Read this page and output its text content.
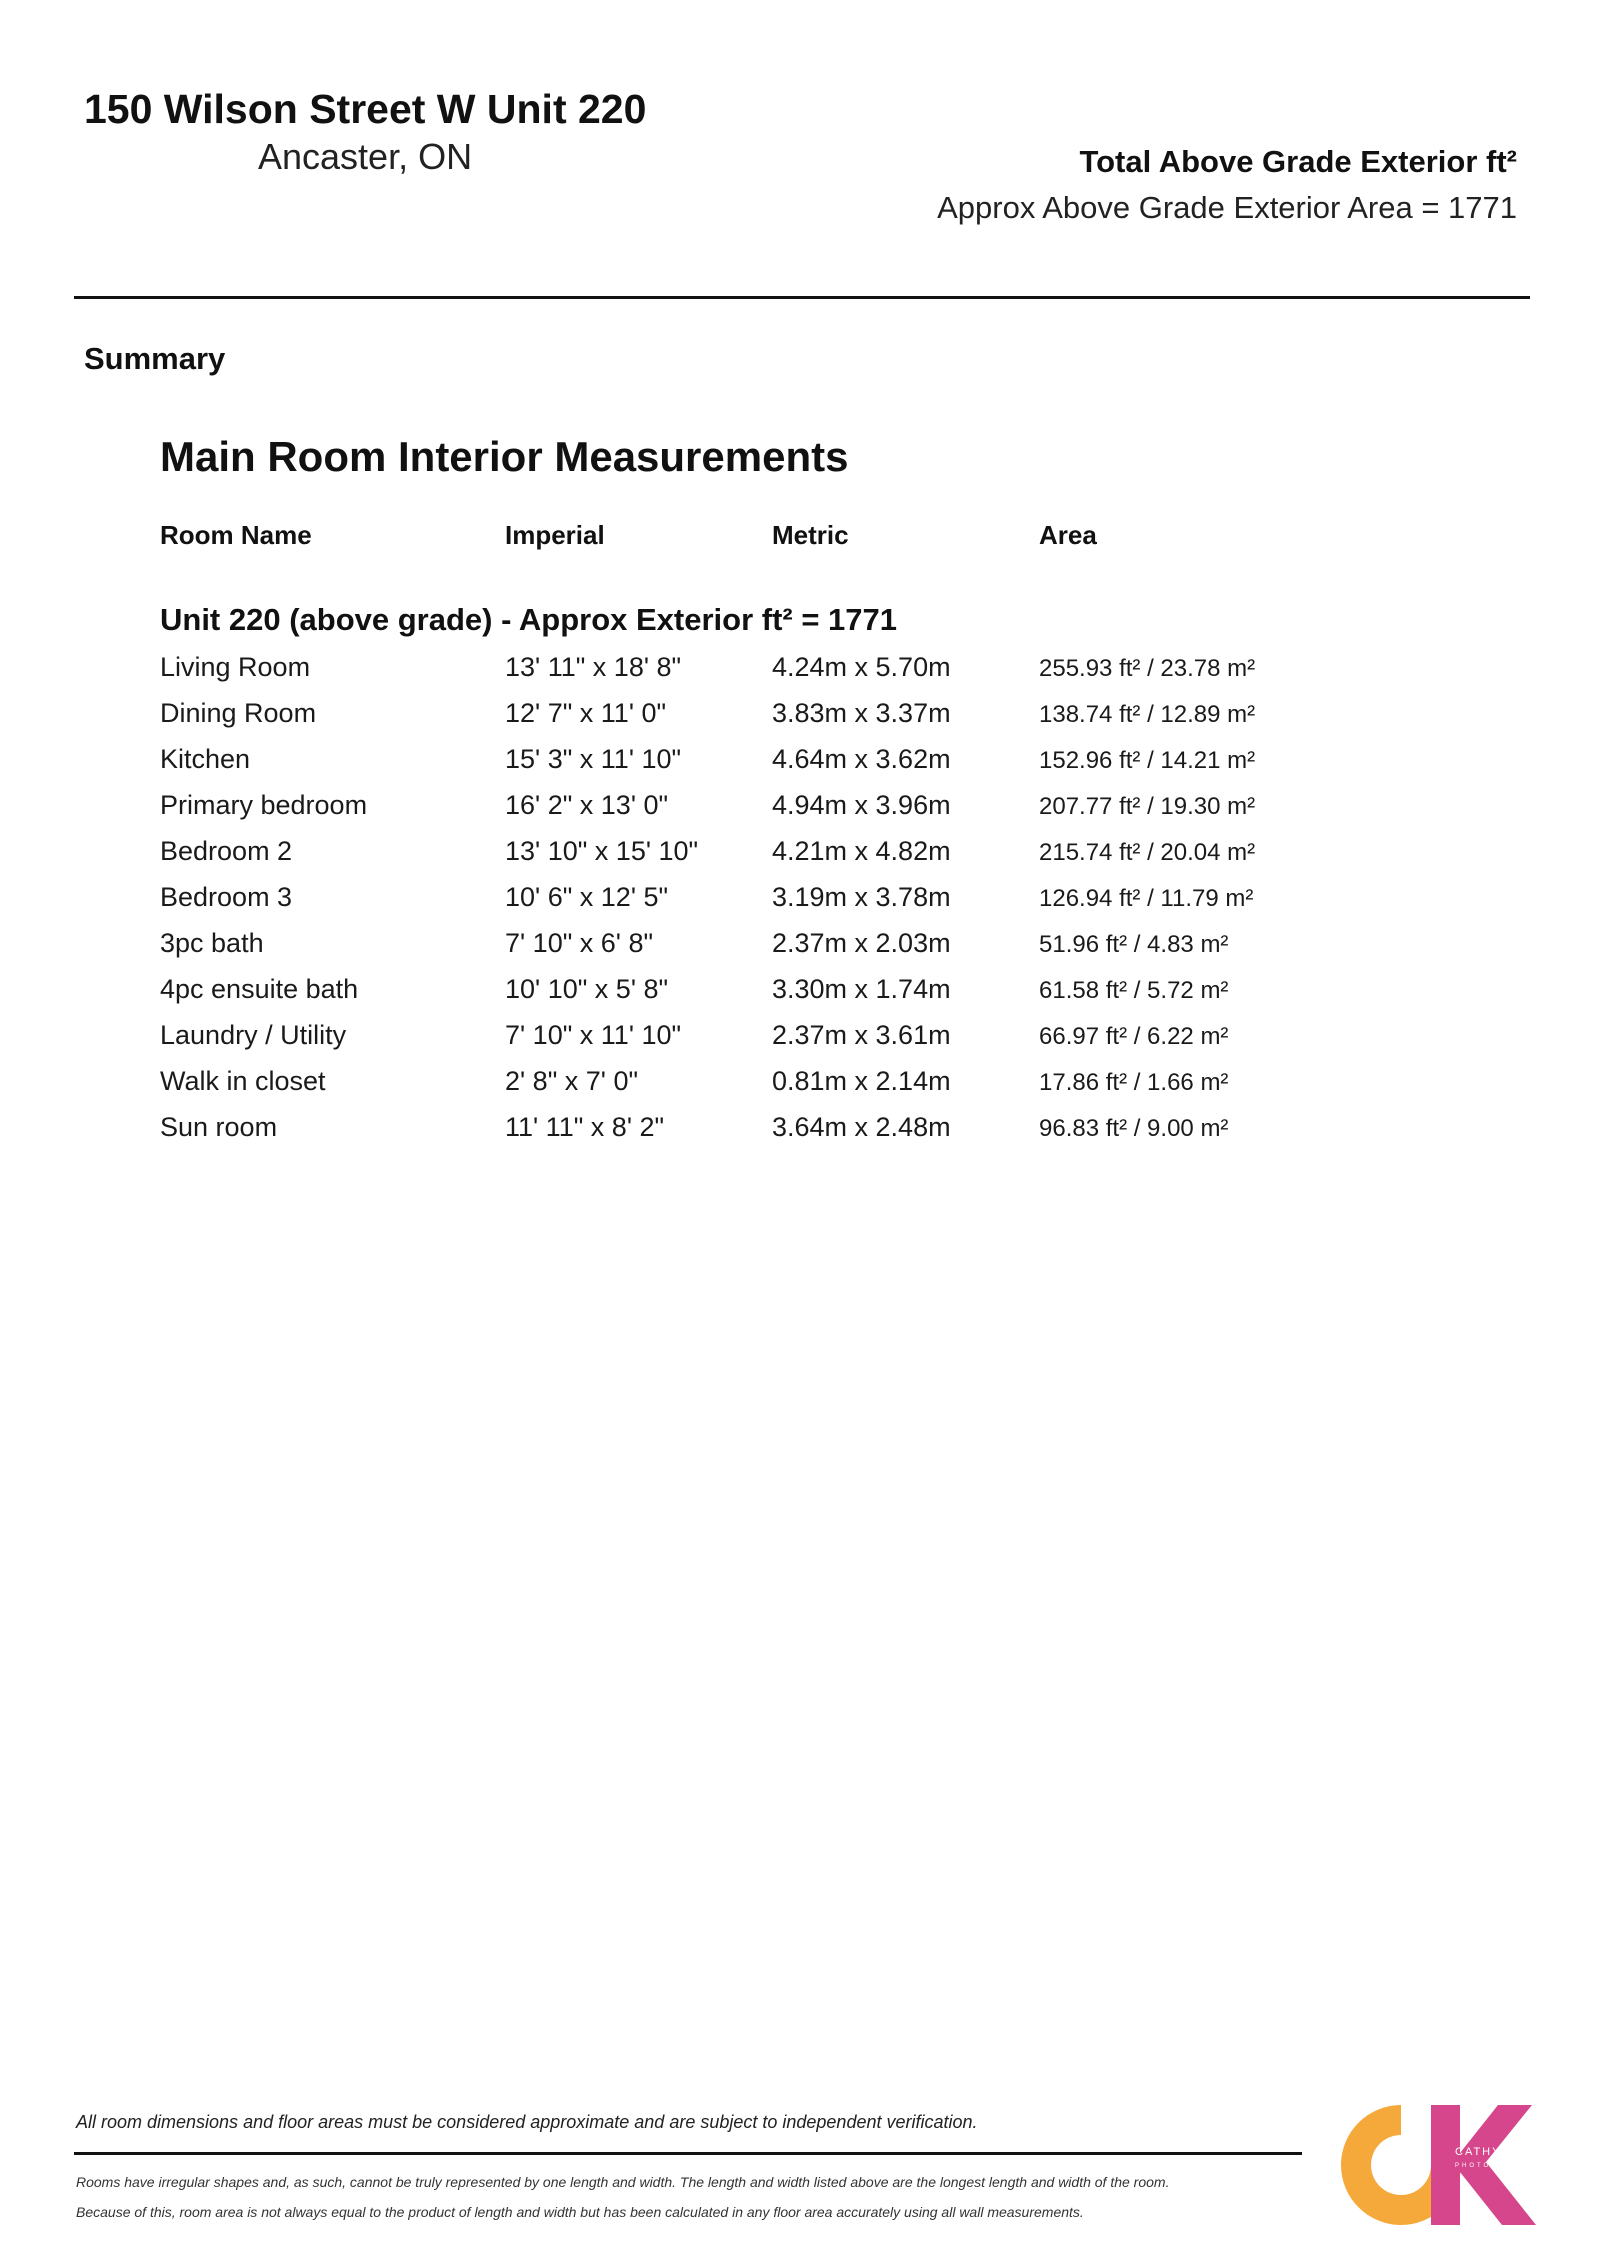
150 Wilson Street W Unit 220
Ancaster, ON	Total Above Grade Exterior ft²
Approx Above Grade Exterior Area = 1771
Summary
Main Room Interior Measurements
Room Name	Imperial	Metric	Area
Unit 220 (above grade) - Approx Exterior ft² = 1771
Living Room	13' 11" x 18' 8"	4.24m x 5.70m	255.93 ft² / 23.78 m²
Dining Room	12' 7" x 11' 0"	3.83m x 3.37m	138.74 ft² / 12.89 m²
Kitchen	15' 3" x 11' 10"	4.64m x 3.62m	152.96 ft² / 14.21 m²
Primary bedroom	16' 2" x 13' 0"	4.94m x 3.96m	207.77 ft² / 19.30 m²
Bedroom 2	13' 10" x 15' 10"	4.21m x 4.82m	215.74 ft² / 20.04 m²
Bedroom 3	10' 6" x 12' 5"	3.19m x 3.78m	126.94 ft² / 11.79 m²
3pc bath	7' 10" x 6' 8"	2.37m x 2.03m	51.96 ft² / 4.83 m²
4pc ensuite bath	10' 10" x 5' 8"	3.30m x 1.74m	61.58 ft² / 5.72 m²
Laundry / Utility	7' 10" x 11' 10"	2.37m x 3.61m	66.97 ft² / 6.22 m²
Walk in closet	2' 8" x 7' 0"	0.81m x 2.14m	17.86 ft² / 1.66 m²
Sun room	11' 11" x 8' 2"	3.64m x 2.48m	96.83 ft² / 9.00 m²
All room dimensions and floor areas must be considered approximate and are subject to independent verification.
Rooms have irregular shapes and, as such, cannot be truly represented by one length and width. The length and width listed above are the longest length and width of the room.
Because of this, room area is not always equal to the product of length and width but has been calculated in any floor area accurately using all wall measurements.
CATHY KOOP
PHOTOGRAPHY
